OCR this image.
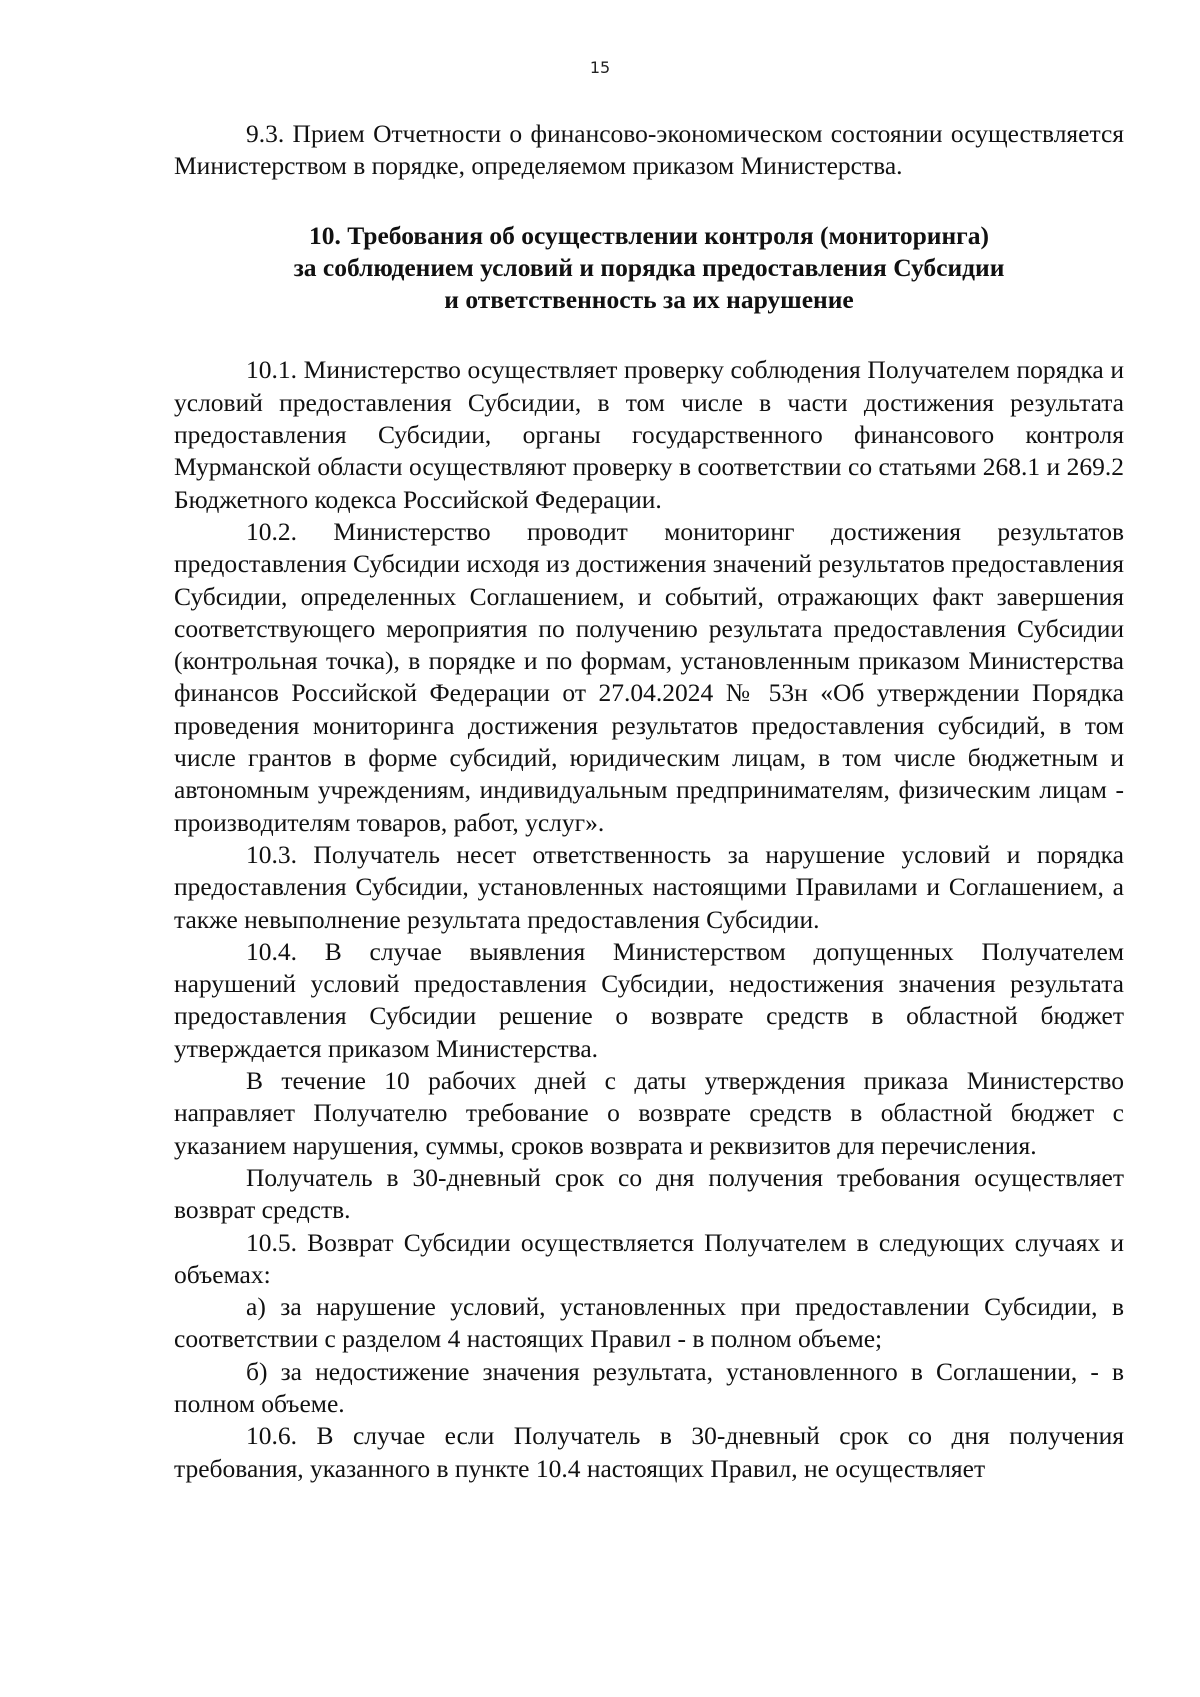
15

9.3. Прием Отчетности о финансово-экономическом состоянии осуществляется Министерством в порядке, определяемом приказом Министерства.

10. Требования об осуществлении контроля (мониторинга)
за соблюдением условий и порядка предоставления Субсидии
и ответственность за их нарушение

10.1. Министерство осуществляет проверку соблюдения Получателем порядка и условий предоставления Субсидии, в том числе в части достижения результата предоставления Субсидии, органы государственного финансового контроля Мурманской области осуществляют проверку в соответствии со статьями 268.1 и 269.2 Бюджетного кодекса Российской Федерации.

10.2. Министерство проводит мониторинг достижения результатов предоставления Субсидии исходя из достижения значений результатов предоставления Субсидии, определенных Соглашением, и событий, отражающих факт завершения соответствующего мероприятия по получению результата предоставления Субсидии (контрольная точка), в порядке и по формам, установленным приказом Министерства финансов Российской Федерации от 27.04.2024 № 53н «Об утверждении Порядка проведения мониторинга достижения результатов предоставления субсидий, в том числе грантов в форме субсидий, юридическим лицам, в том числе бюджетным и автономным учреждениям, индивидуальным предпринимателям, физическим лицам - производителям товаров, работ, услуг».

10.3. Получатель несет ответственность за нарушение условий и порядка предоставления Субсидии, установленных настоящими Правилами и Соглашением, а также невыполнение результата предоставления Субсидии.

10.4. В случае выявления Министерством допущенных Получателем нарушений условий предоставления Субсидии, недостижения значения результата предоставления Субсидии решение о возврате средств в областной бюджет утверждается приказом Министерства.

В течение 10 рабочих дней с даты утверждения приказа Министерство направляет Получателю требование о возврате средств в областной бюджет с указанием нарушения, суммы, сроков возврата и реквизитов для перечисления.

Получатель в 30-дневный срок со дня получения требования осуществляет возврат средств.

10.5. Возврат Субсидии осуществляется Получателем в следующих случаях и объемах:

а) за нарушение условий, установленных при предоставлении Субсидии, в соответствии с разделом 4 настоящих Правил - в полном объеме;

б) за недостижение значения результата, установленного в Соглашении, - в полном объеме.

10.6. В случае если Получатель в 30-дневный срок со дня получения требования, указанного в пункте 10.4 настоящих Правил, не осуществляет
